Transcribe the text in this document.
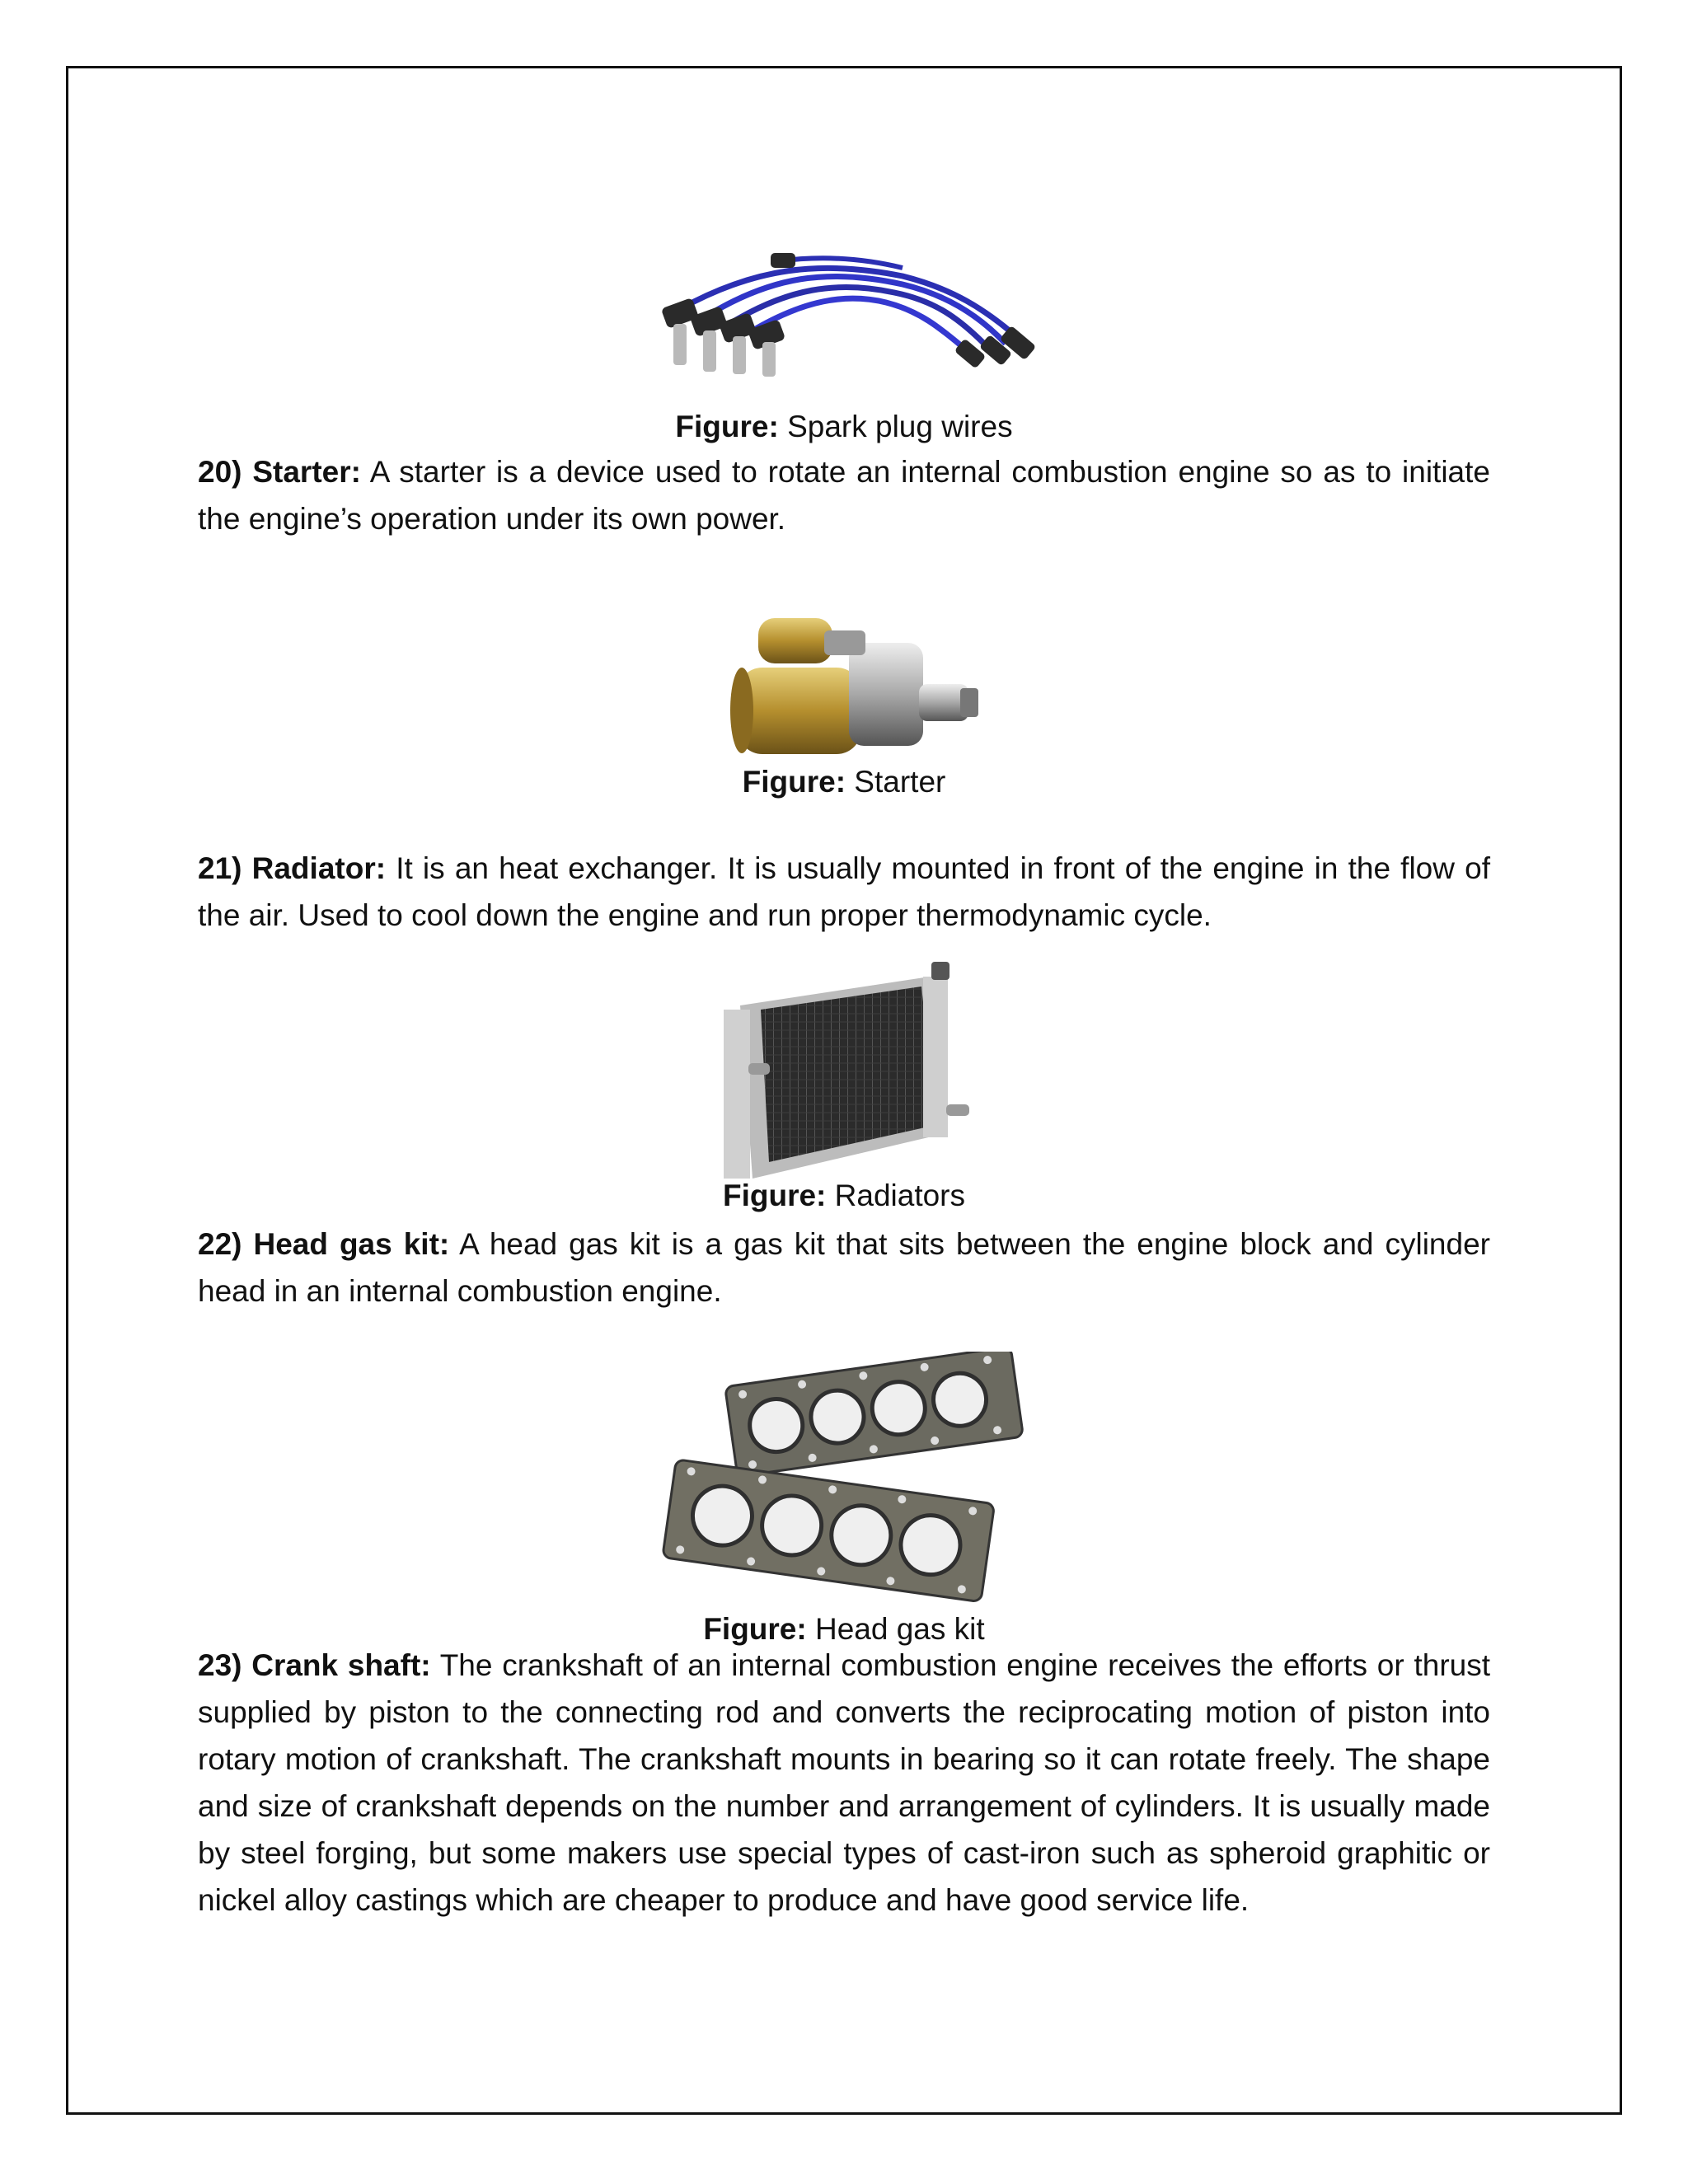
Figure: Spark plug wires

20) Starter: A starter is a device used to rotate an internal combustion engine so as to initiate the engine’s operation under its own power.

Figure: Starter

21) Radiator: It is an heat exchanger. It is usually mounted in front of the engine in the flow of the air. Used to cool down the engine and run proper thermodynamic cycle.

Figure: Radiators

22) Head gas kit: A head gas kit is a gas kit that sits between the engine block and cylinder head in an internal combustion engine.

Figure: Head gas kit

23) Crank shaft: The crankshaft of an internal combustion engine receives the efforts or thrust supplied by piston to the connecting rod and converts the reciprocating motion of piston into rotary motion of crankshaft. The crankshaft mounts in bearing so it can rotate freely. The shape and size of crankshaft depends on the number and arrangement of cylinders. It is usually made by steel forging, but some makers use special types of cast-iron such as spheroid graphitic or nickel alloy castings which are cheaper to produce and have good service life.
